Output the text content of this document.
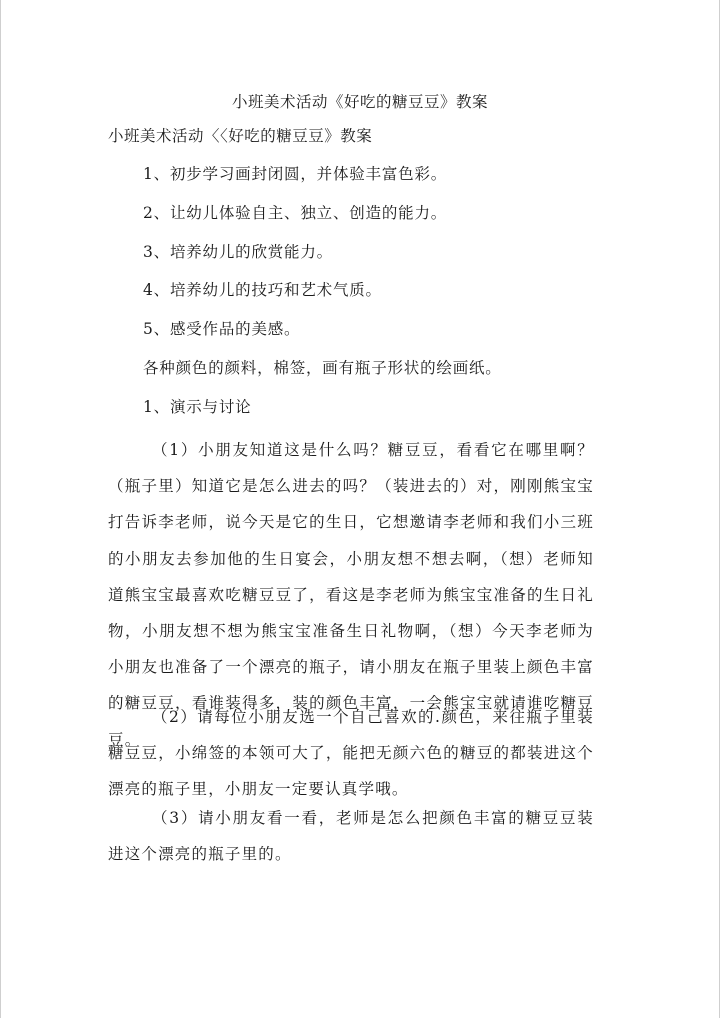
小班美术活动《好吃的糖豆豆》教案
小班美术活动〈〈好吃的糖豆豆》教案
1、初步学习画封闭圆，并体验丰富色彩。
2、让幼儿体验自主、独立、创造的能力。
3、培养幼儿的欣赏能力。
4、培养幼儿的技巧和艺术气质。
5、感受作品的美感。
各种颜色的颜料，棉签，画有瓶子形状的绘画纸。
1、演示与讨论

（1）小朋友知道这是什么吗？糖豆豆，看看它在哪里啊？（瓶子里）知道它是怎么进去的吗？（装进去的）对，刚刚熊宝宝打告诉李老师，说今天是它的生日，它想邀请李老师和我们小三班的小朋友去参加他的生日宴会，小朋友想不想去啊，（想）老师知道熊宝宝最喜欢吃糖豆豆了，看这是李老师为熊宝宝准备的生日礼物，小朋友想不想为熊宝宝准备生日礼物啊，（想）今天李老师为小朋友也准备了一个漂亮的瓶子，请小朋友在瓶子里装上颜色丰富的糖豆豆，看谁装得多，装的颜色丰富，一会熊宝宝就请谁吃糖豆豆。

（2）请每位小朋友选一个自己喜欢的.颜色，来往瓶子里装糖豆豆，小绵签的本领可大了，能把无颜六色的糖豆的都装进这个漂亮的瓶子里，小朋友一定要认真学哦。

（3）请小朋友看一看，老师是怎么把颜色丰富的糖豆豆装进这个漂亮的瓶子里的。
